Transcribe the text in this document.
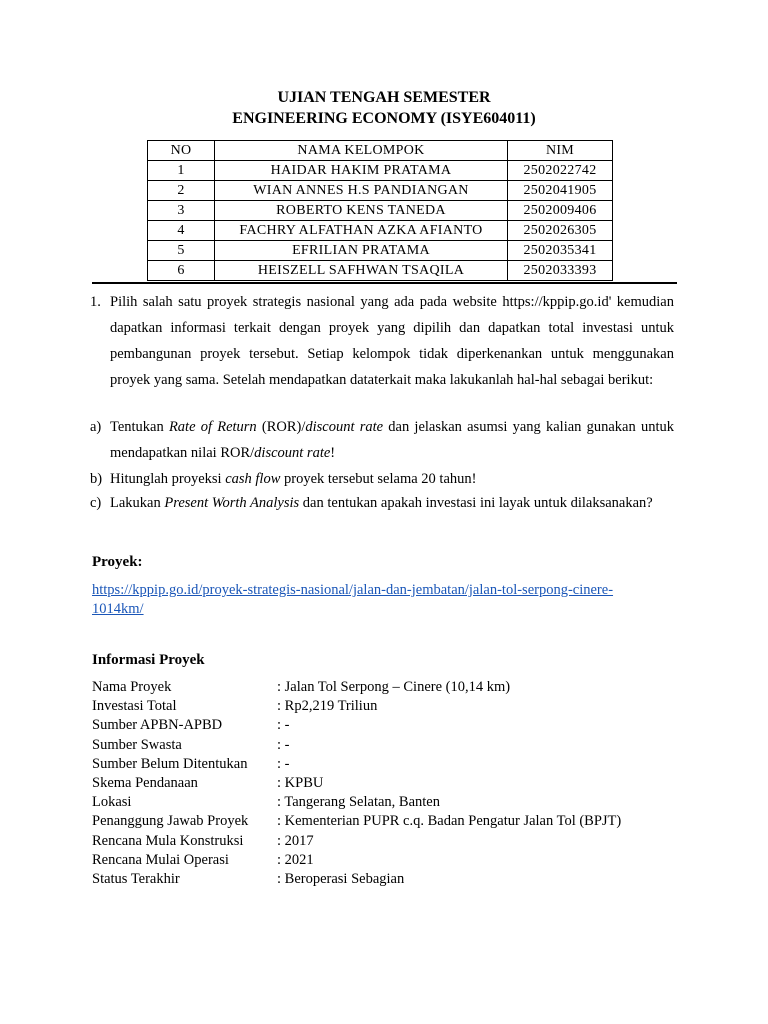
UJIAN TENGAH SEMESTER
ENGINEERING ECONOMY (ISYE604011)
NO	NAMA KELOMPOK	NIM
1	HAIDAR HAKIM PRATAMA	2502022742
2	WIAN ANNES H.S PANDIANGAN	2502041905
3	ROBERTO KENS TANEDA	2502009406
4	FACHRY ALFATHAN AZKA AFIANTO	2502026305
5	EFRILIAN PRATAMA	2502035341
6	HEISZELL SAFHWAN TSAQILA	2502033393
1. Pilih salah satu proyek strategis nasional yang ada pada website https://kppip.go.id' kemudian dapatkan informasi terkait dengan proyek yang dipilih dan dapatkan total investasi untuk pembangunan proyek tersebut. Setiap kelompok tidak diperkenankan untuk menggunakan proyek yang sama. Setelah mendapatkan dataterkait maka lakukanlah hal-hal sebagai berikut:
a) Tentukan Rate of Return (ROR)/discount rate dan jelaskan asumsi yang kalian gunakan untuk mendapatkan nilai ROR/discount rate!
b) Hitunglah proyeksi cash flow proyek tersebut selama 20 tahun!
c) Lakukan Present Worth Analysis dan tentukan apakah investasi ini layak untuk dilaksanakan?
Proyek:
https://kppip.go.id/proyek-strategis-nasional/jalan-dan-jembatan/jalan-tol-serpong-cinere-1014km/
Informasi Proyek
Nama Proyek	: Jalan Tol Serpong – Cinere (10,14 km)
Investasi Total	: Rp2,219 Triliun
Sumber APBN-APBD	: -
Sumber Swasta	: -
Sumber Belum Ditentukan : -
Skema Pendanaan	: KPBU
Lokasi	: Tangerang Selatan, Banten
Penanggung Jawab Proyek : Kementerian PUPR c.q. Badan Pengatur Jalan Tol (BPJT)
Rencana Mula Konstruksi : 2017
Rencana Mulai Operasi	: 2021
Status Terakhir	: Beroperasi Sebagian
